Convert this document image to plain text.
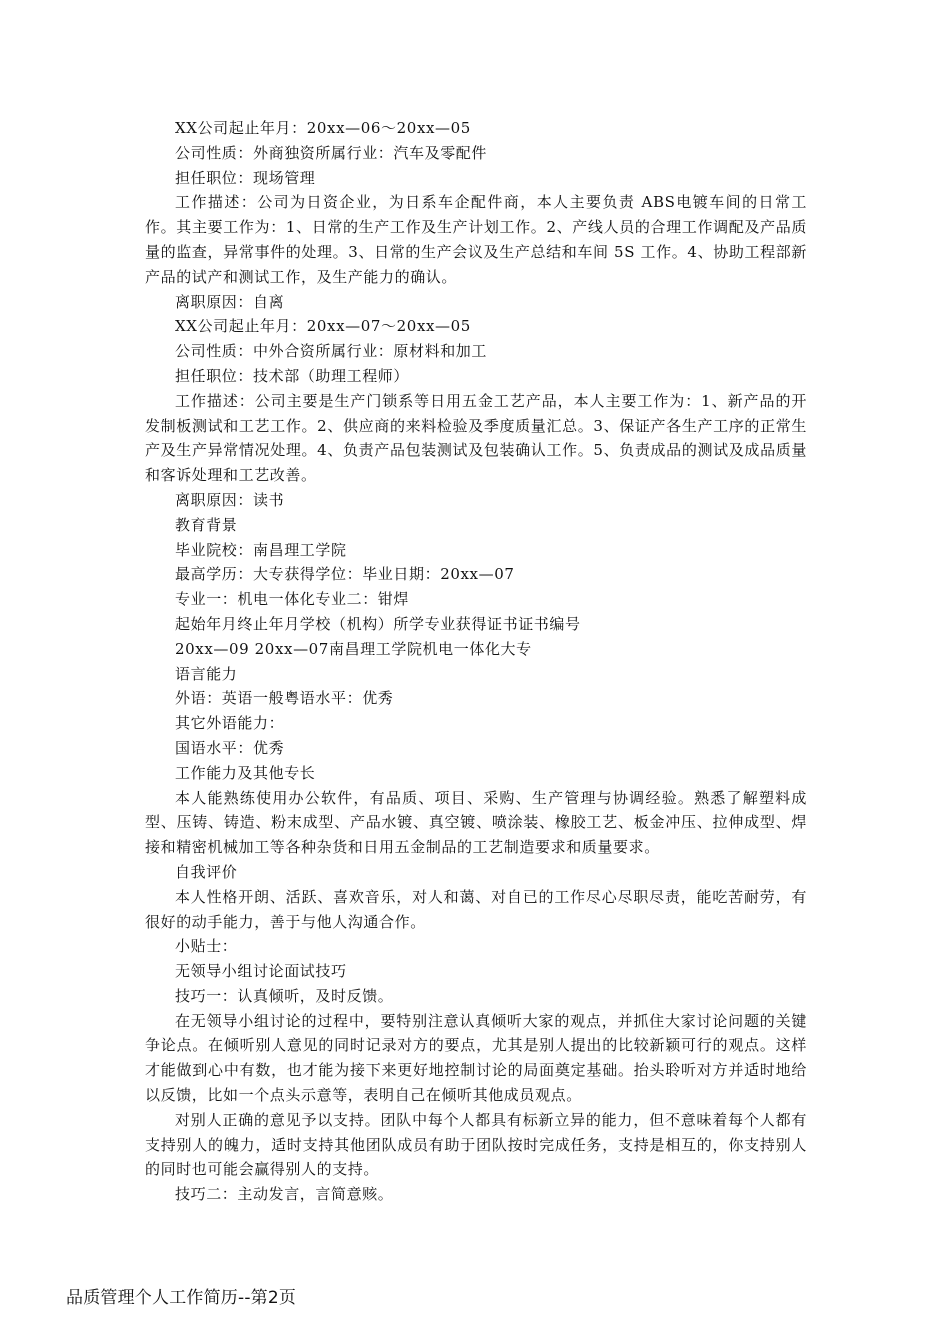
XX公司起止年月：20xx—06～20xx—05

公司性质：外商独资所属行业：汽车及零配件

担任职位：现场管理

工作描述：公司为日资企业，为日系车企配件商，本人主要负责 ABS电镀车间的日常工作。其主要工作为：1、日常的生产工作及生产计划工作。2、产线人员的合理工作调配及产品质量的监查，异常事件的处理。3、日常的生产会议及生产总结和车间 5S 工作。4、协助工程部新产品的试产和测试工作，及生产能力的确认。

离职原因：自离

XX公司起止年月：20xx—07～20xx—05

公司性质：中外合资所属行业：原材料和加工

担任职位：技术部（助理工程师）

工作描述：公司主要是生产门锁系等日用五金工艺产品，本人主要工作为：1、新产品的开发制板测试和工艺工作。2、供应商的来料检验及季度质量汇总。3、保证产各生产工序的正常生产及生产异常情况处理。4、负责产品包装测试及包装确认工作。5、负责成品的测试及成品质量和客诉处理和工艺改善。

离职原因：读书

教育背景

毕业院校：南昌理工学院

最高学历：大专获得学位：毕业日期：20xx—07

专业一：机电一体化专业二：钳焊

起始年月终止年月学校（机构）所学专业获得证书证书编号

20xx—09 20xx—07南昌理工学院机电一体化大专

语言能力

外语：英语一般粤语水平：优秀

其它外语能力：

国语水平：优秀

工作能力及其他专长

本人能熟练使用办公软件，有品质、项目、采购、生产管理与协调经验。熟悉了解塑料成型、压铸、铸造、粉末成型、产品水镀、真空镀、喷涂装、橡胶工艺、板金冲压、拉伸成型、焊接和精密机械加工等各种杂货和日用五金制品的工艺制造要求和质量要求。

自我评价

本人性格开朗、活跃、喜欢音乐，对人和蔼、对自已的工作尽心尽职尽责，能吃苦耐劳，有很好的动手能力，善于与他人沟通合作。

小贴士：

无领导小组讨论面试技巧

技巧一：认真倾听，及时反馈。

在无领导小组讨论的过程中，要特别注意认真倾听大家的观点，并抓住大家讨论问题的关键争论点。在倾听别人意见的同时记录对方的要点，尤其是别人提出的比较新颖可行的观点。这样才能做到心中有数，也才能为接下来更好地控制讨论的局面奠定基础。抬头聆听对方并适时地给以反馈，比如一个点头示意等，表明自己在倾听其他成员观点。

对别人正确的意见予以支持。团队中每个人都具有标新立异的能力，但不意味着每个人都有支持别人的魄力，适时支持其他团队成员有助于团队按时完成任务，支持是相互的，你支持别人的同时也可能会赢得别人的支持。

技巧二：主动发言，言简意赅。

品质管理个人工作简历--第2页
